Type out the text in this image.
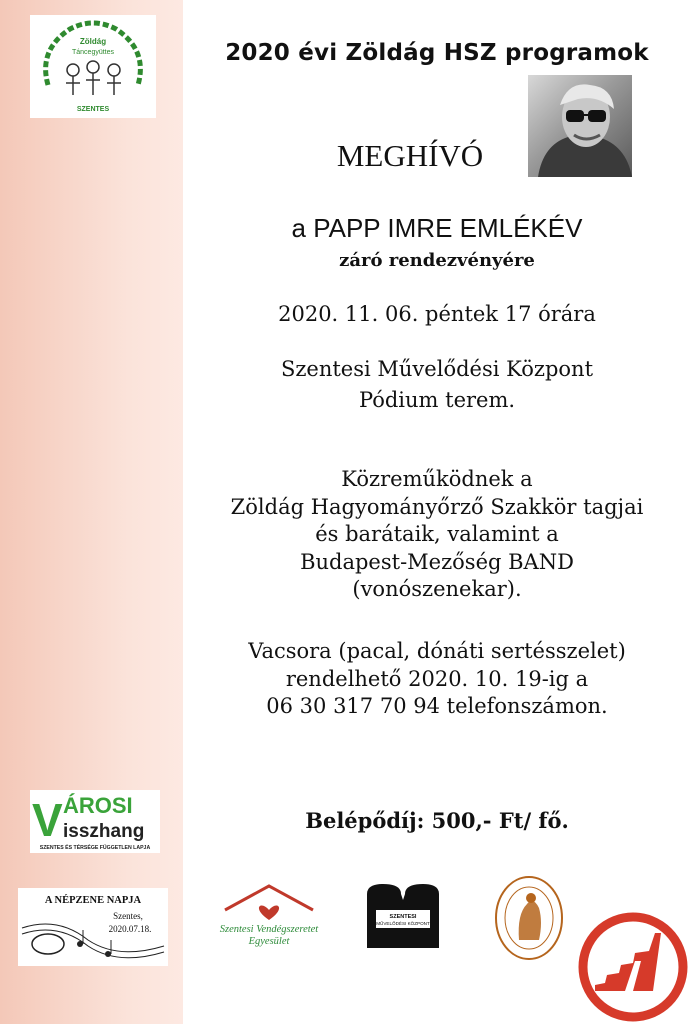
Zöldág
Táncegyüttes
SZENTES
2020 évi Zöldág HSZ programok
MEGHÍVÓ
a PAPP IMRE EMLÉKÉV
záró rendezvényére
2020. 11. 06. péntek 17 órára
Szentesi Művelődési Központ
Pódium terem.
Közreműködnek a
Zöldág Hagyományőrző Szakkör tagjai
és barátaik, valamint a
Budapest-Mezőség BAND
(vonószenekar).
Vacsora (pacal, dónáti sertésszelet)
rendelhető 2020. 10. 19-ig a
06 30 317 70 94 telefonszámon.
Belépődíj: 500,- Ft/ fő.
V ÁROSI
isszhang
SZENTES ÉS TÉRSÉGE FÜGGETLEN LAPJA
A NÉPZENE NAPJA
Szentes,
2020.07.18.	Szentesi Vendégszeretet
Egyesület
SZENTESI
MŰVELŐDÉSI KÖZPONT
